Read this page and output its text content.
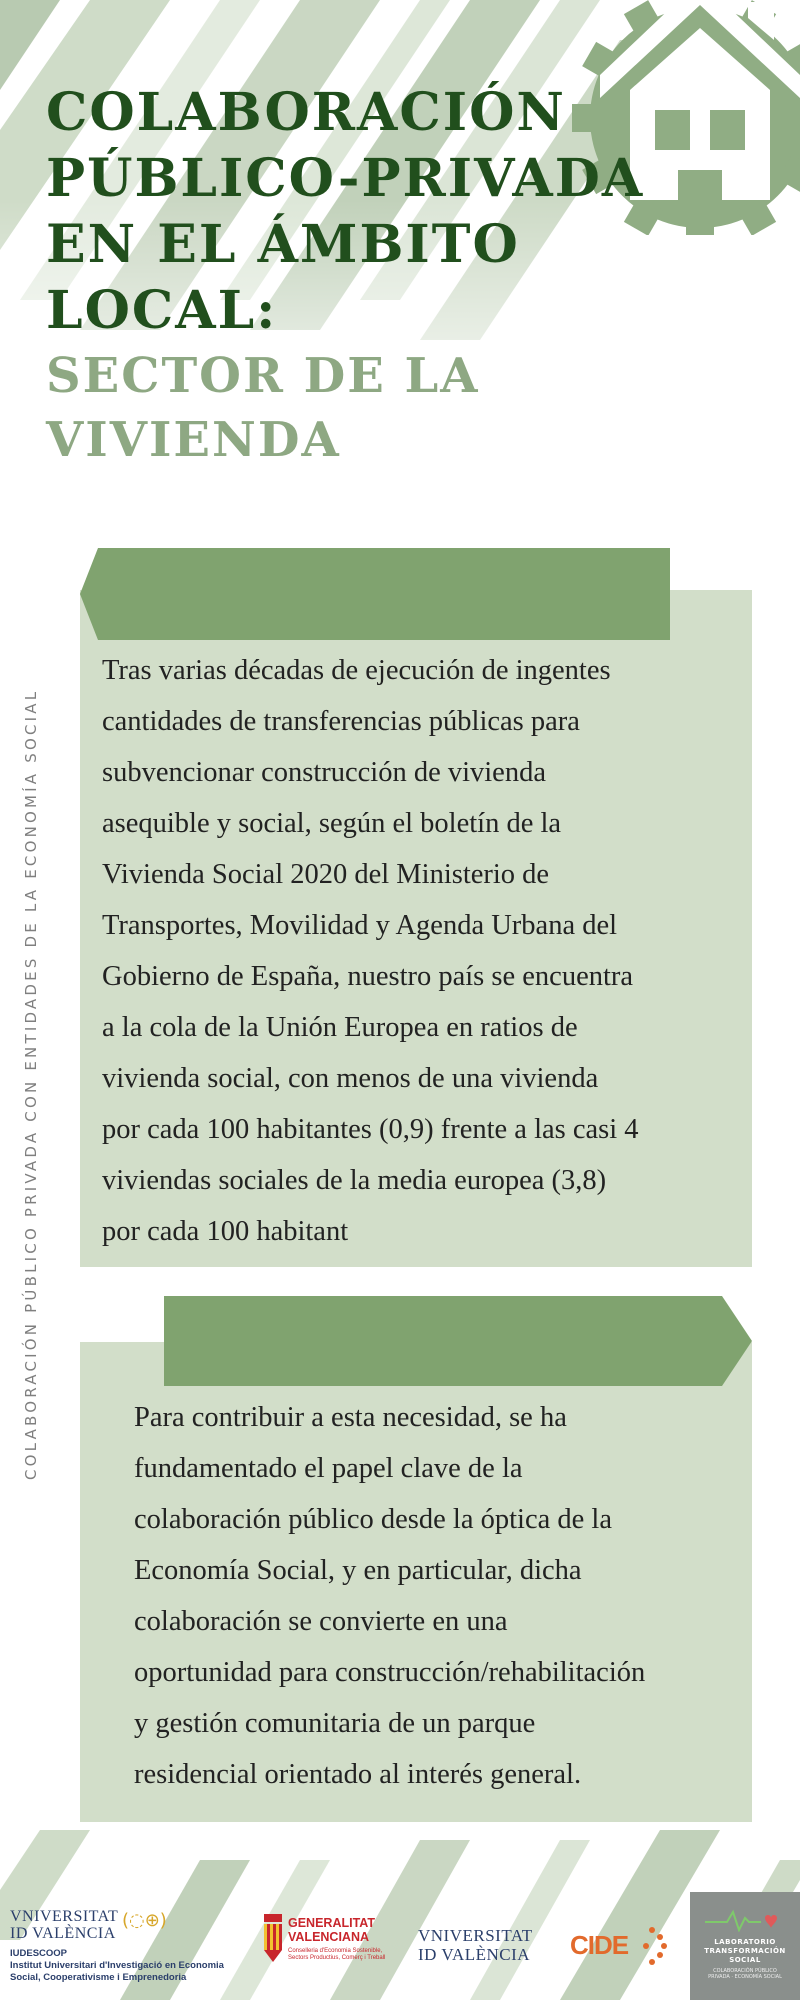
COLABORACIÓN
PÚBLICO-PRIVADA
EN EL ÁMBITO
LOCAL:
SECTOR DE LA
VIVIENDA
COLABORACIÓN PÚBLICO PRIVADA CON ENTIDADES DE LA ECONOMÍA SOCIAL
Tras varias décadas de ejecución de ingentes
cantidades de transferencias públicas para
subvencionar construcción de vivienda
asequible y social, según el boletín de la
Vivienda Social 2020 del Ministerio de
Transportes, Movilidad y Agenda Urbana del
Gobierno de España, nuestro país se encuentra
a la cola de la Unión Europea en ratios de
vivienda social, con menos de una vivienda
por cada 100 habitantes (0,9) frente a las casi 4
viviendas sociales de la media europea (3,8)
por cada 100 habitant
Para contribuir a esta necesidad, se ha
fundamentado el papel clave de la
colaboración público desde la óptica de la
Economía Social, y en particular, dicha
colaboración se convierte en una
oportunidad para construcción/rehabilitación
y gestión comunitaria de un parque
residencial orientado al interés general.
VNIVERSITAT
ID VALÈNCIA
(◌⊕)
IUDESCOOP
Institut Universitari d'Investigació en Economia
Social, Cooperativisme i Emprenedoria
GENERALITAT
VALENCIANA
Conselleria d'Economia Sostenible, Sectors Productius, Comerç i Treball
VNIVERSITAT
ID VALÈNCIA	CIDE	LABORATORIO
TRANSFORMACIÓN
SOCIAL
COLABORACIÓN PÚBLICO
PRIVADA · ECONOMÍA SOCIAL
